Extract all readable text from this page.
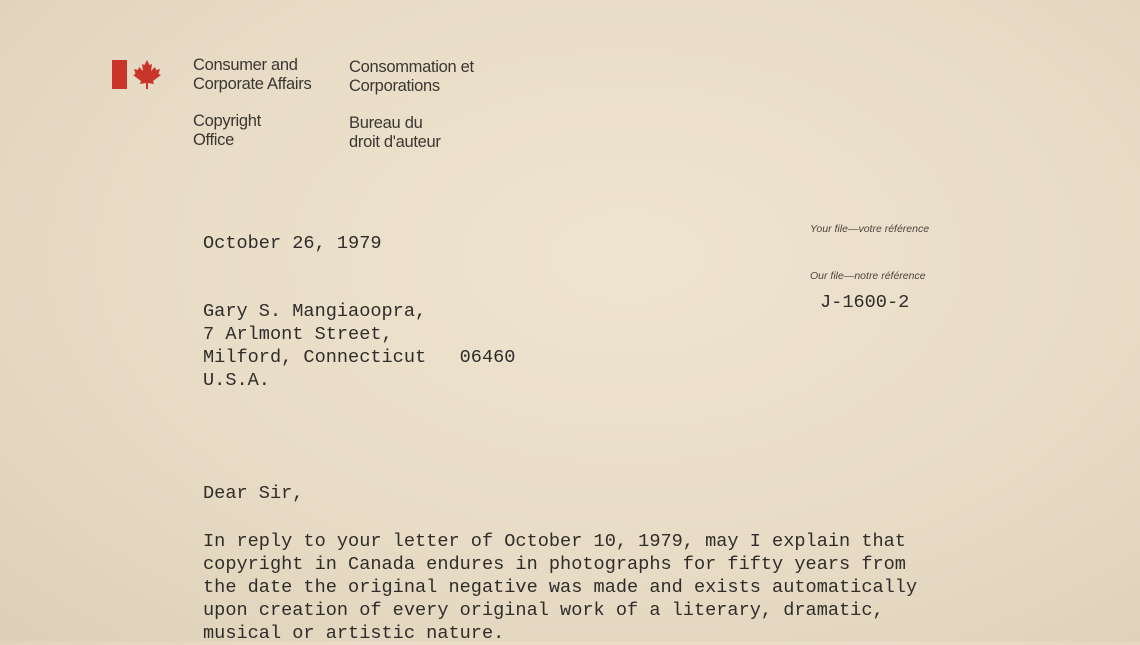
Consumer and
Corporate Affairs
Consommation et
Corporations
Copyright
Office
Bureau du
droit d'auteur
Your file—votre référence
Our file—notre référence
J-1600-2
October 26, 1979
Gary S. Mangiaoopra,
7 Arlmont Street,
Milford, Connecticut   06460
U.S.A.
Dear Sir,
In reply to your letter of October 10, 1979, may I explain that
copyright in Canada endures in photographs for fifty years from
the date the original negative was made and exists automatically
upon creation of every original work of a literary, dramatic,
musical or artistic nature.
